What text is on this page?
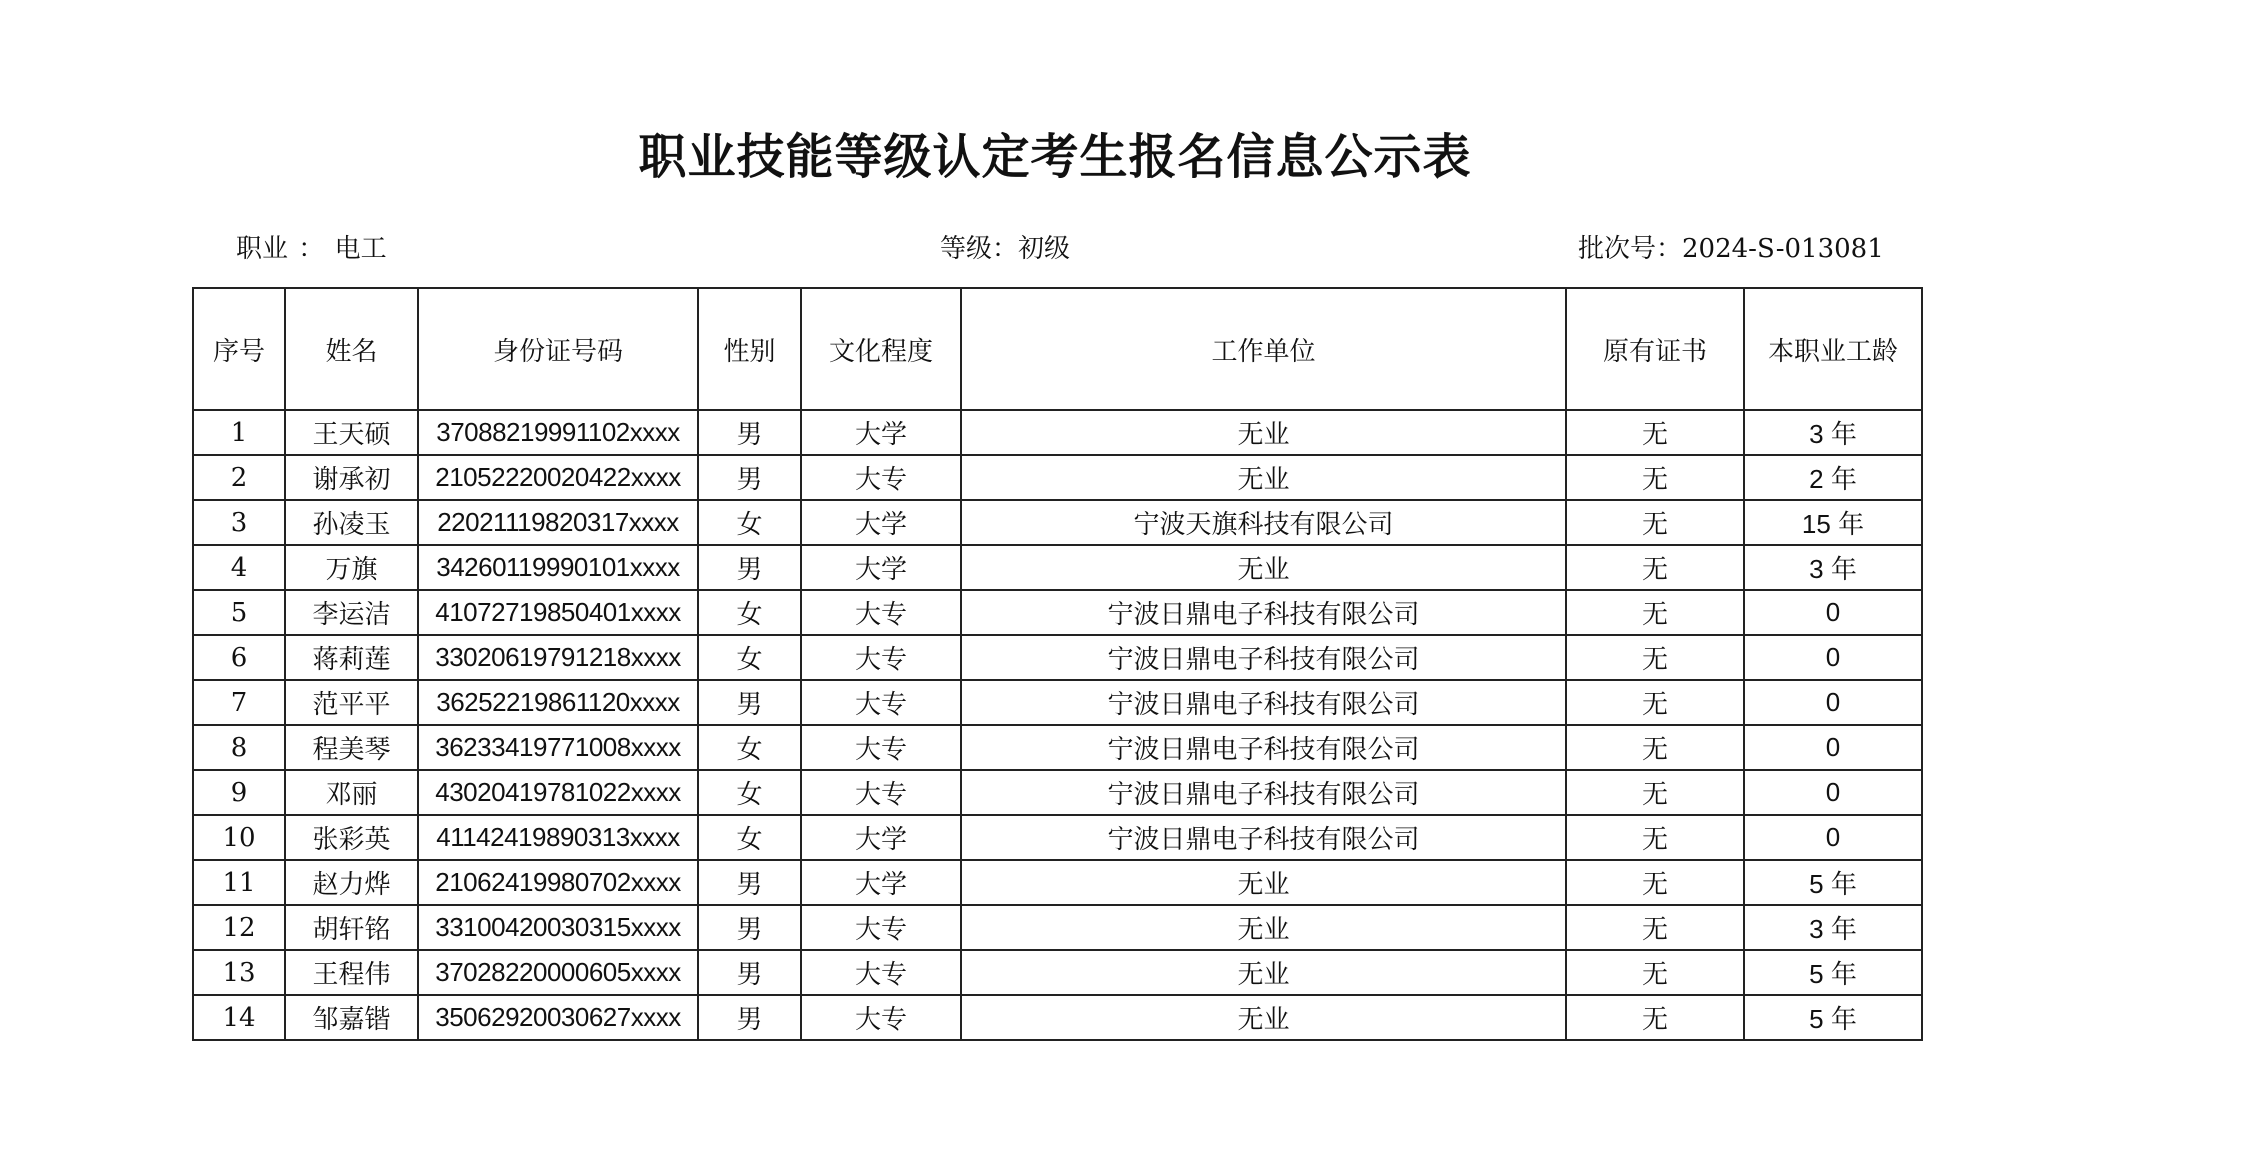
职业技能等级认定考生报名信息公示表
职业 ： 电工	等级：初级	批次号：2024-S-013081
序号	姓名	身份证号码	性别	文化程度	工作单位	原有证书	本职业工龄
1	王天硕	37088219991102xxxx	男	大学	无业	无	3 年
2	谢承初	21052220020422xxxx	男	大专	无业	无	2 年
3	孙凌玉	22021119820317xxxx	女	大学	宁波天旗科技有限公司	无	15 年
4	万旗	34260119990101xxxx	男	大学	无业	无	3 年
5	李运洁	41072719850401xxxx	女	大专	宁波日鼎电子科技有限公司	无	0
6	蒋莉莲	33020619791218xxxx	女	大专	宁波日鼎电子科技有限公司	无	0
7	范平平	36252219861120xxxx	男	大专	宁波日鼎电子科技有限公司	无	0
8	程美琴	36233419771008xxxx	女	大专	宁波日鼎电子科技有限公司	无	0
9	邓丽	43020419781022xxxx	女	大专	宁波日鼎电子科技有限公司	无	0
10	张彩英	41142419890313xxxx	女	大学	宁波日鼎电子科技有限公司	无	0
11	赵力烨	21062419980702xxxx	男	大学	无业	无	5 年
12	胡轩铭	33100420030315xxxx	男	大专	无业	无	3 年
13	王程伟	37028220000605xxxx	男	大专	无业	无	5 年
14	邹嘉锴	35062920030627xxxx	男	大专	无业	无	5 年
